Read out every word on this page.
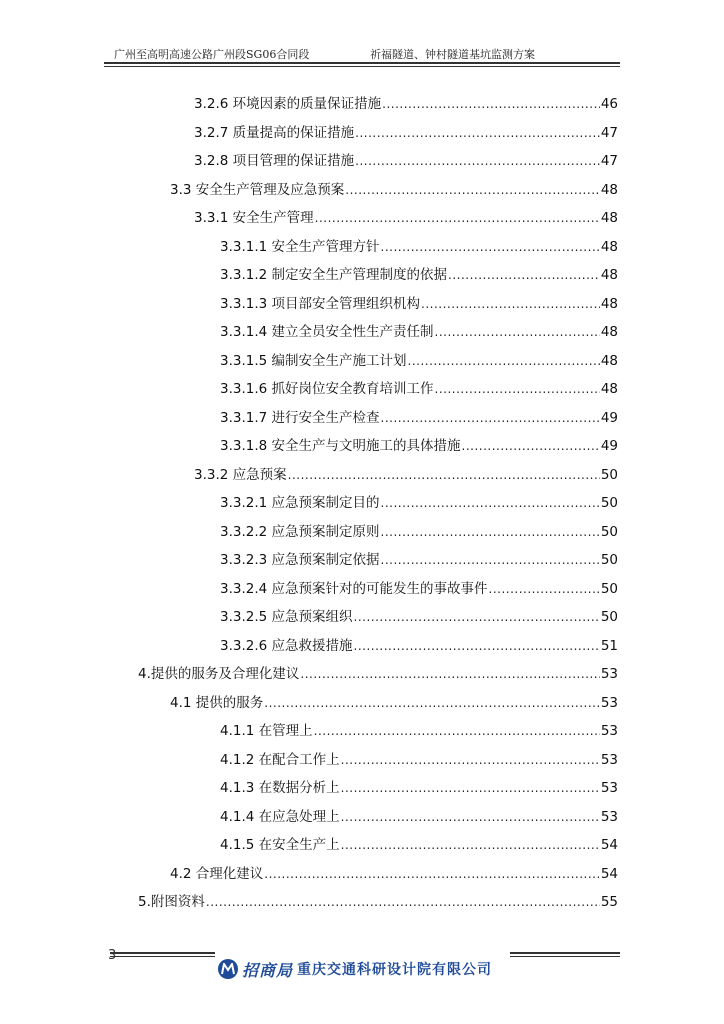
广州至高明高速公路广州段SG06合同段	祈福隧道、钟村隧道基坑监测方案
3.2.6 环境因素的质量保证措施 .....	46
3.2.7 质量提高的保证措施 .....	47
3.2.8 项目管理的保证措施 .....	47
3.3 安全生产管理及应急预案 .....	48
3.3.1 安全生产管理 .....	48
3.3.1.1 安全生产管理方针 .....	48
3.3.1.2 制定安全生产管理制度的依据 .....	48
3.3.1.3 项目部安全管理组织机构 .....	48
3.3.1.4 建立全员安全性生产责任制 .....	48
3.3.1.5 编制安全生产施工计划 .....	48
3.3.1.6 抓好岗位安全教育培训工作 .....	48
3.3.1.7 进行安全生产检查 .....	49
3.3.1.8 安全生产与文明施工的具体措施 .....	49
3.3.2 应急预案 .....	50
3.3.2.1 应急预案制定目的 .....	50
3.3.2.2 应急预案制定原则 .....	50
3.3.2.3 应急预案制定依据 .....	50
3.3.2.4 应急预案针对的可能发生的事故事件 .....	50
3.3.2.5 应急预案组织 .....	50
3.3.2.6 应急救援措施 .....	51
4.提供的服务及合理化建议 .....	53
4.1 提供的服务 .....	53
4.1.1 在管理上 .....	53
4.1.2 在配合工作上 .....	53
4.1.3 在数据分析上 .....	53
4.1.4 在应急处理上 .....	53
4.1.5 在安全生产上 .....	54
4.2 合理化建议 .....	54
5.附图资料 .....	55
3
招商局 重庆交通科研设计院有限公司
